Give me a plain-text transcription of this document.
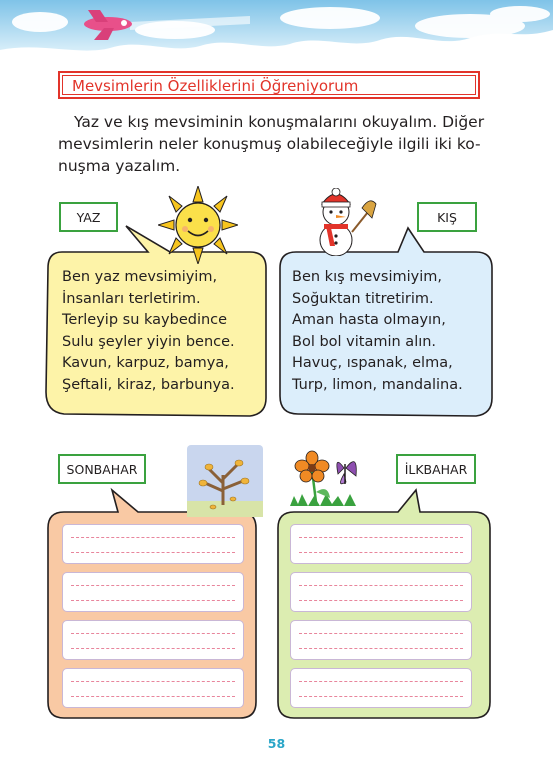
Mevsimlerin Özelliklerini Öğreniyorum

Yaz ve kış mevsiminin konuşmalarını okuyalım. Diğer

mevsimlerin neler konuşmuş olabileceğiyle ilgili iki ko-
nuşma yazalım.
YAZ	KIŞ
SONBAHAR	İLKBAHAR
Ben yaz mevsimiyim,
İnsanları terletirim.
Terleyip su kaybedince
Sulu şeyler yiyin bence.
Kavun, karpuz, bamya,
Şeftali, kiraz, barbunya.
Ben kış mevsimiyim,
Soğuktan titretirim.
Aman hasta olmayın,
Bol bol vitamin alın.
Havuç, ıspanak, elma,
Turp, limon, mandalina.
58
